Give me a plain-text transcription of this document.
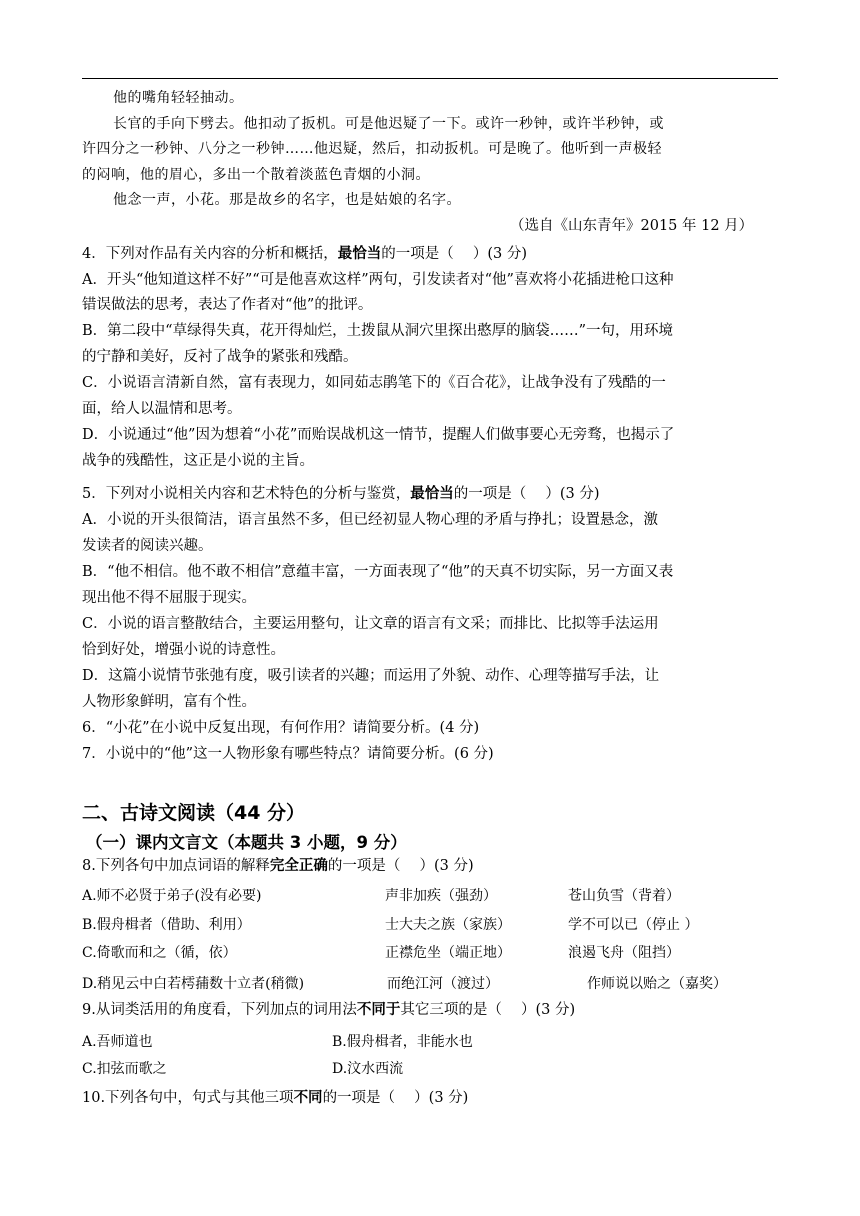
他的嘴角轻轻抽动。
长官的手向下劈去。他扣动了扳机。可是他迟疑了一下。或许一秒钟，或许半秒钟，或
许四分之一秒钟、八分之一秒钟……他迟疑，然后，扣动扳机。可是晚了。他听到一声极轻
的闷响，他的眉心，多出一个散着淡蓝色青烟的小洞。
他念一声，小花。那是故乡的名字，也是姑娘的名字。
（选自《山东青年》2015 年 12 月）
4．下列对作品有关内容的分析和概括，最恰当的一项是（　 ）(3 分)
A．开头“他知道这样不好”“可是他喜欢这样”两句，引发读者对“他”喜欢将小花插进枪口这种
错误做法的思考，表达了作者对“他”的批评。
B．第二段中“草绿得失真，花开得灿烂，土拨鼠从洞穴里探出憨厚的脑袋……”一句，用环境
的宁静和美好，反衬了战争的紧张和残酷。
C．小说语言清新自然，富有表现力，如同茹志鹃笔下的《百合花》，让战争没有了残酷的一
面，给人以温情和思考。
D．小说通过“他”因为想着“小花”而贻误战机这一情节，提醒人们做事要心无旁骛，也揭示了
战争的残酷性，这正是小说的主旨。
5．下列对小说相关内容和艺术特色的分析与鉴赏，最恰当的一项是（　 ）(3 分)
A．小说的开头很简洁，语言虽然不多，但已经初显人物心理的矛盾与挣扎；设置悬念，激
发读者的阅读兴趣。
B．“他不相信。他不敢不相信”意蕴丰富，一方面表现了“他”的天真不切实际，另一方面又表
现出他不得不屈服于现实。
C．小说的语言整散结合，主要运用整句，让文章的语言有文采；而排比、比拟等手法运用
恰到好处，增强小说的诗意性。
D．这篇小说情节张弛有度，吸引读者的兴趣；而运用了外貌、动作、心理等描写手法，让
人物形象鲜明，富有个性。
6．“小花”在小说中反复出现，有何作用？请简要分析。(4 分)
7．小说中的“他”这一人物形象有哪些特点？请简要分析。(6 分)
二、古诗文阅读（44 分）
（一）课内文言文（本题共 3 小题，9 分）
8.下列各句中加点词语的解释完全正确的一项是（　 ）(3 分)
A.师不必贤于弟子(没有必要)	声非加疾（强劲）	苍山负雪（背着）
B.假舟楫者（借助、利用）	士大夫之族（家族）	学不可以已（停止 ）
C.倚歌而和之（循，依）	正襟危坐（端正地）	浪遏飞舟（阻挡）
D.稍见云中白若樗蒱数十立者(稍微)	而绝江河（渡过）	作师说以贻之（嘉奖）
9.从词类活用的角度看，下列加点的词用法不同于其它三项的是（　 ）(3 分)
A.吾师道也	B.假舟楫者，非能水也
C.扣弦而歌之	D.汶水西流
10.下列各句中，句式与其他三项不同的一项是（　 ）(3 分)
